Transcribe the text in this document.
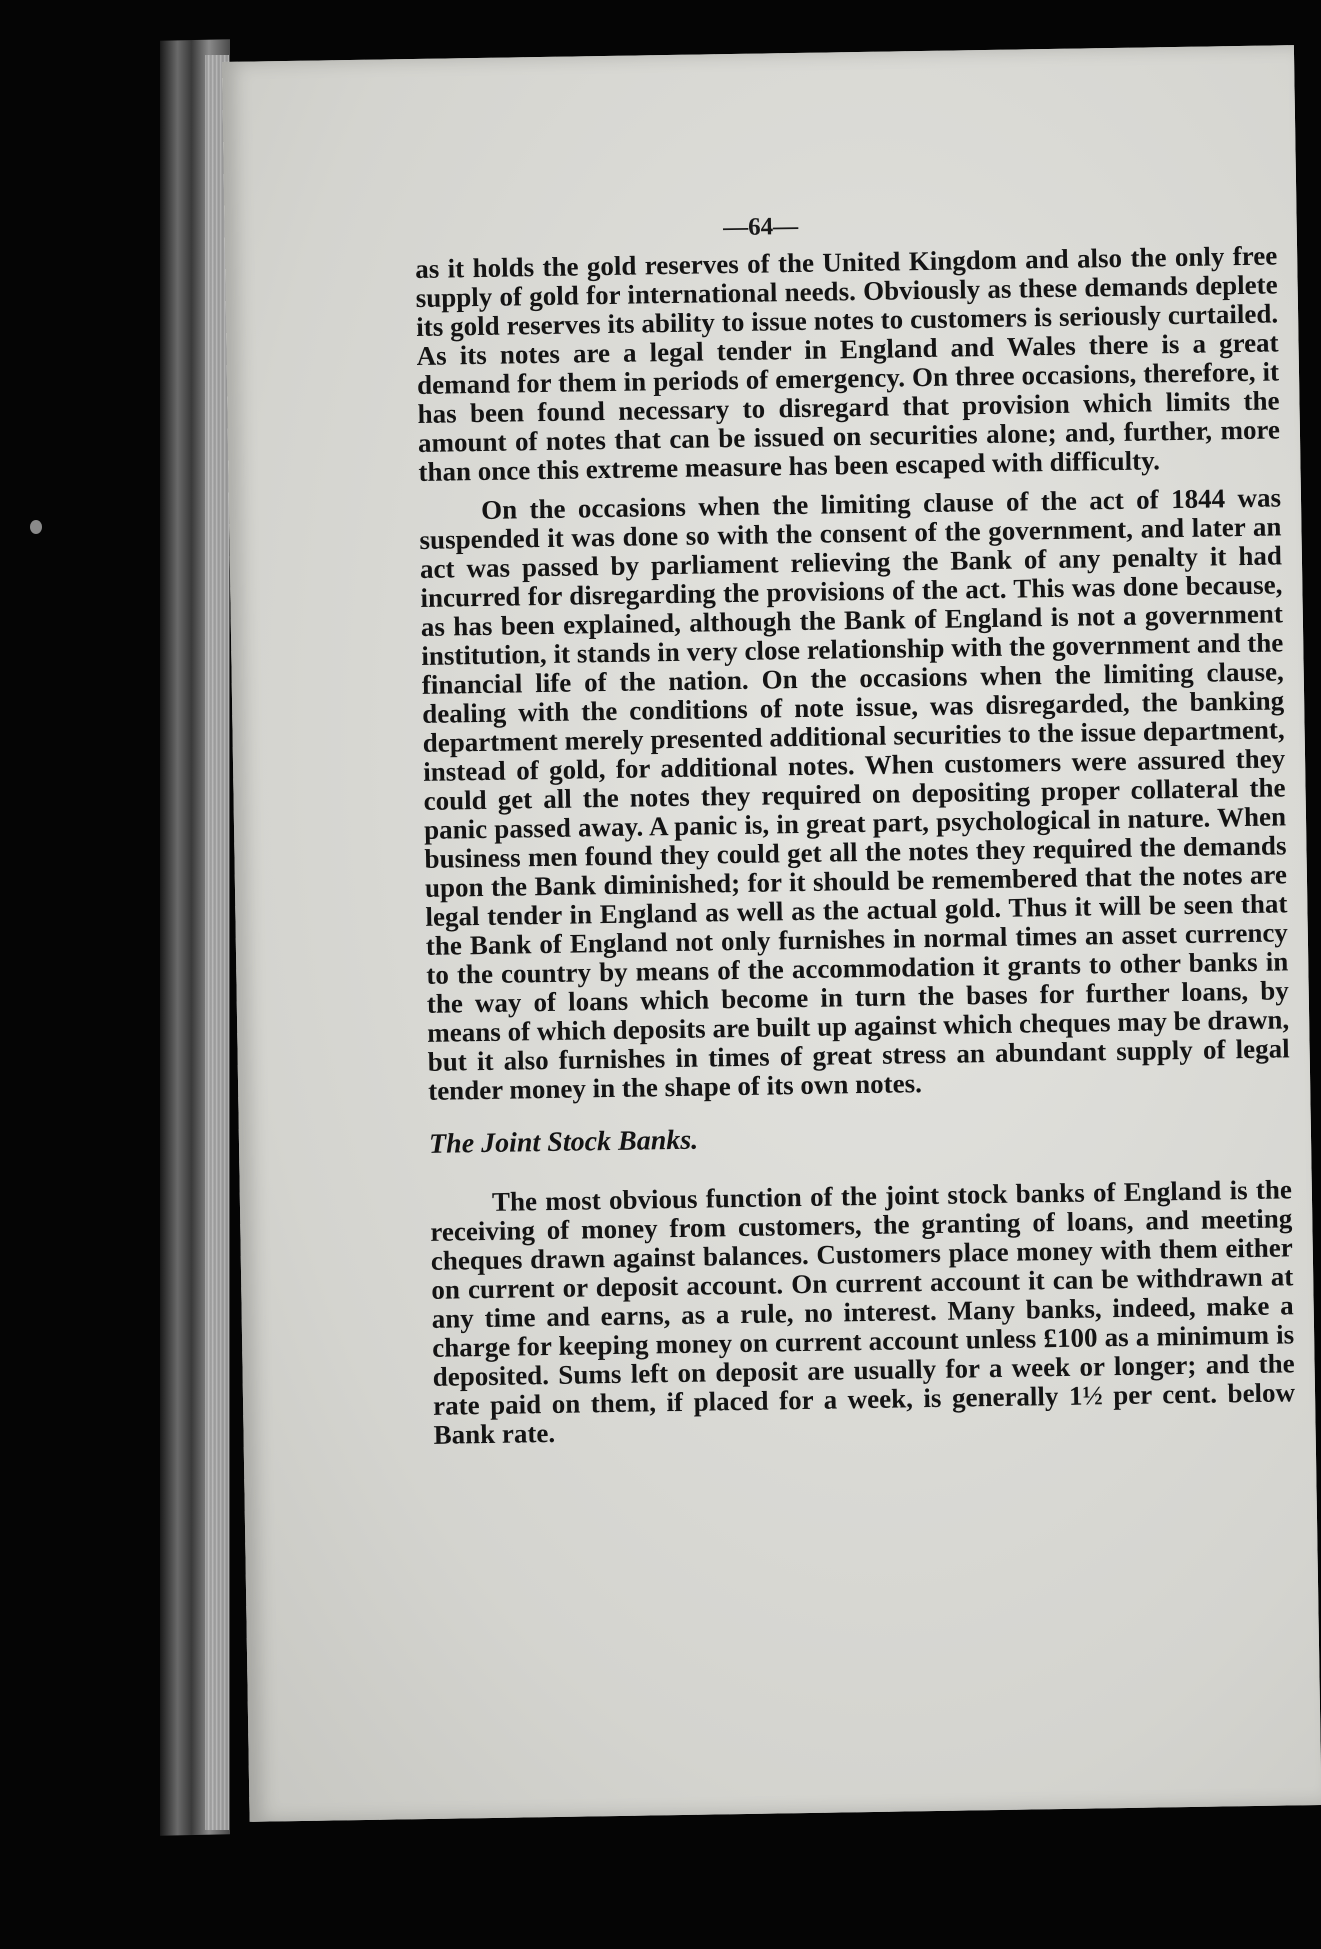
—64—

as it holds the gold reserves of the United Kingdom and also the only free supply of gold for international needs. Obviously as these demands deplete its gold reserves its ability to issue notes to customers is seriously curtailed. As its notes are a legal tender in England and Wales there is a great demand for them in periods of emergency. On three occasions, therefore, it has been found necessary to disregard that provision which limits the amount of notes that can be issued on securities alone; and, further, more than once this extreme measure has been escaped with difficulty.

On the occasions when the limiting clause of the act of 1844 was suspended it was done so with the consent of the government, and later an act was passed by parliament relieving the Bank of any penalty it had incurred for disregarding the provisions of the act. This was done because, as has been explained, although the Bank of England is not a government institution, it stands in very close relationship with the government and the financial life of the nation. On the occasions when the limiting clause, dealing with the conditions of note issue, was disregarded, the banking department merely presented additional securities to the issue department, instead of gold, for additional notes. When customers were assured they could get all the notes they required on depositing proper collateral the panic passed away. A panic is, in great part, psychological in nature. When business men found they could get all the notes they required the demands upon the Bank diminished; for it should be remembered that the notes are legal tender in England as well as the actual gold. Thus it will be seen that the Bank of England not only furnishes in normal times an asset currency to the country by means of the accommodation it grants to other banks in the way of loans which become in turn the bases for further loans, by means of which deposits are built up against which cheques may be drawn, but it also furnishes in times of great stress an abundant supply of legal tender money in the shape of its own notes.

The Joint Stock Banks.

The most obvious function of the joint stock banks of England is the receiving of money from customers, the granting of loans, and meeting cheques drawn against balances. Customers place money with them either on current or deposit account. On current account it can be withdrawn at any time and earns, as a rule, no interest. Many banks, indeed, make a charge for keeping money on current account unless £100 as a minimum is deposited. Sums left on deposit are usually for a week or longer; and the rate paid on them, if placed for a week, is generally 1½ per cent. below Bank rate.
